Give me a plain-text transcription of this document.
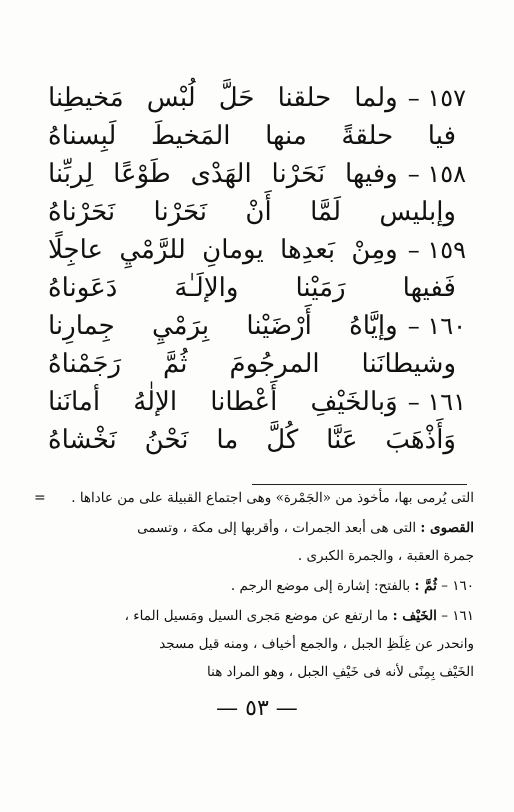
١٥٧ –
ولما حلقنا حَلَّ لُبْس مَخيطِنا
فيا حلقةً منها المَخيطَ لَبِسناهُ
١٥٨ –
وفيها نَحَرْنا الهَدْى طَوْعًا لِربِّنا
وإبليس لَمَّا أَنْ نَحَرْنا نَحَرْناهُ
١٥٩ –
ومِنْ بَعدِها يومانِ للرَّمْيِ عاجِلًا
فَفيها رَمَيْنا والإلَـٰهَ دَعَوناهُ
١٦٠ –
وإيَّاهُ أَرْضَيْنا بِرَمْيِ جِمارِنا
وشيطانَنا المرجُومَ ثُمَّ رَجَمْناهُ
١٦١ –
وَبالخَيْفِ أَعْطانا الإلٰهُ أمانَنا
وَأَذْهَبَ عَنَّا كُلَّ ما نَحْنُ نَخْشاهُ
=	التى يُرمى بها، مأخوذ من «الجَمْرة» وهى اجتماع القبيلة على من عاداها .
القصوى : التى هى أبعد الجمرات ، وأقربها إلى مكة ، وتسمى
جمرة العقبة ، والجمرة الكبرى .
١٦٠ – ثُمَّ : بالفتح: إشارة إلى موضع الرجم .
١٦١ – الخَيْف : ما ارتفع عن موضع مَجرى السيل ومَسيل الماء ،
وانحدر عن غِلَظِ الجبل ، والجمع أخياف ، ومنه قيل مسجد
الخَيْف بِمِنًى لأنه فى خَيْفِ الجبل ، وهو المراد هنا
— ٥٣ —
